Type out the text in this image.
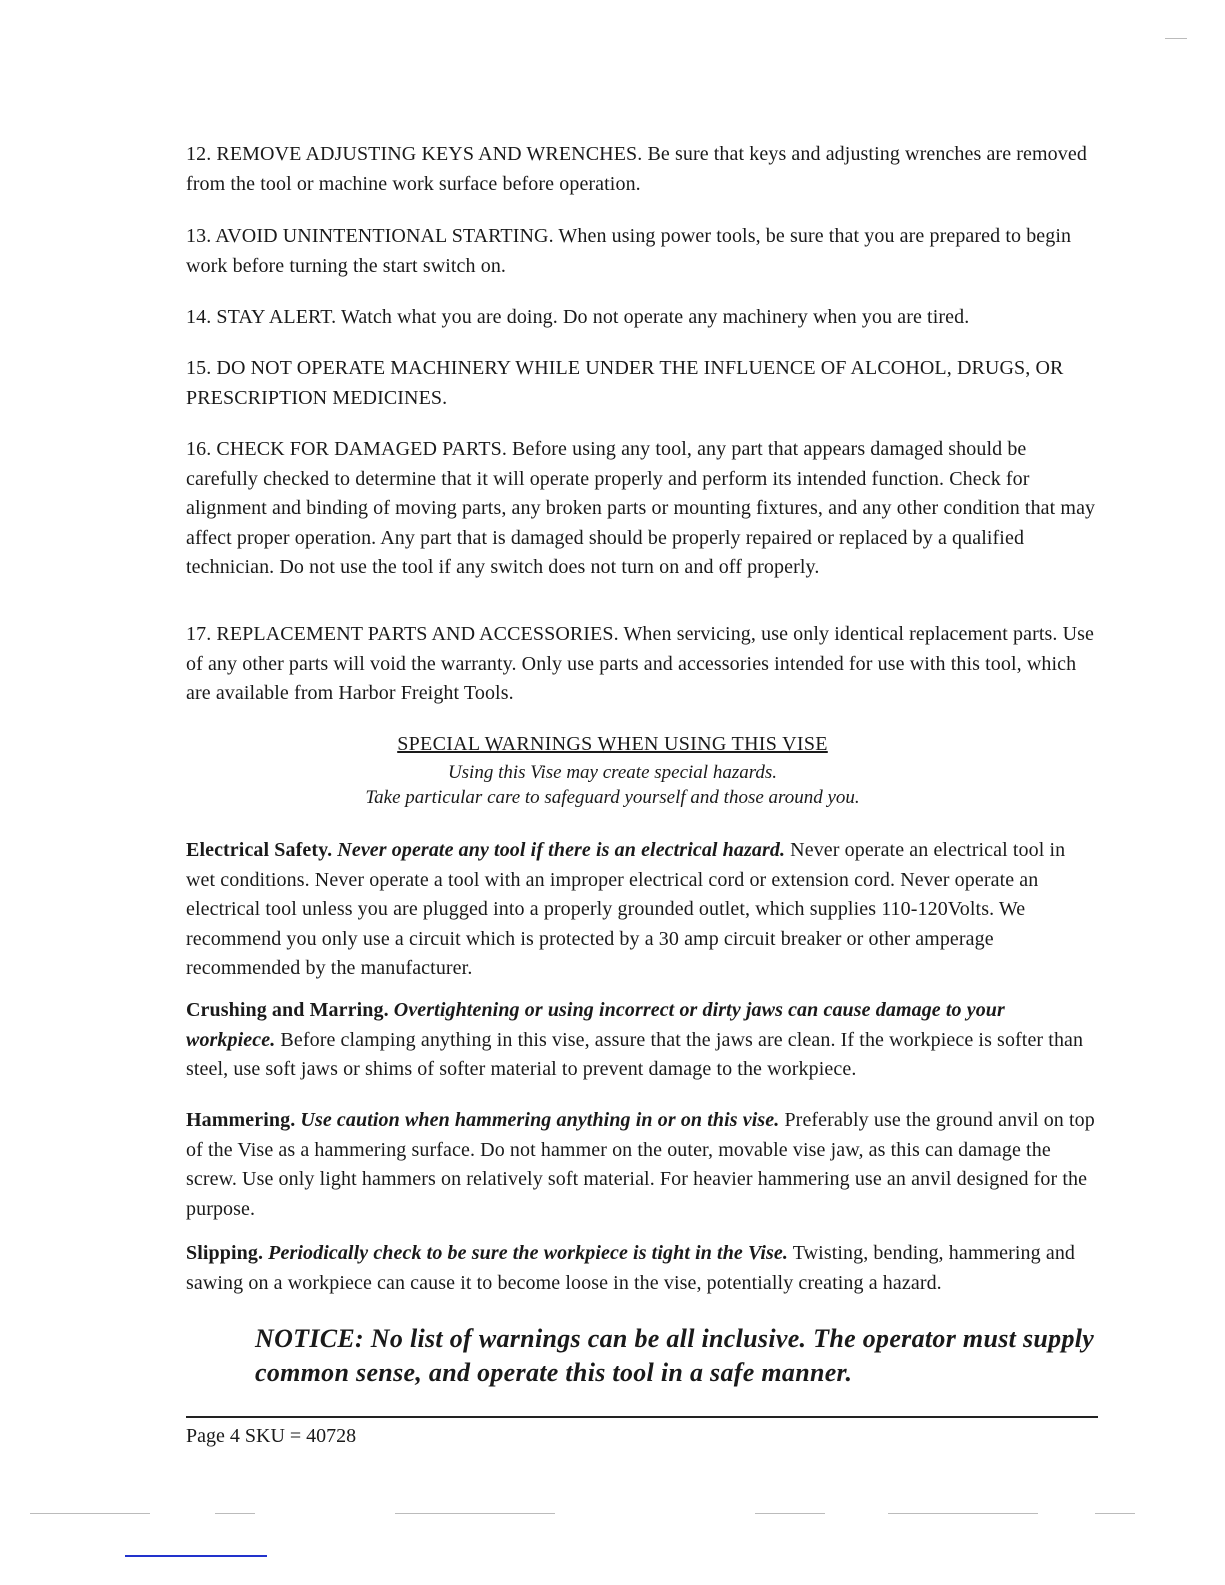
12. REMOVE ADJUSTING KEYS AND WRENCHES. Be sure that keys and adjusting wrenches are removed from the tool or machine work surface before operation.
13. AVOID UNINTENTIONAL STARTING. When using power tools, be sure that you are prepared to begin work before turning the start switch on.
14. STAY ALERT. Watch what you are doing. Do not operate any machinery when you are tired.
15. DO NOT OPERATE MACHINERY WHILE UNDER THE INFLUENCE OF ALCOHOL, DRUGS, OR PRESCRIPTION MEDICINES.
16. CHECK FOR DAMAGED PARTS. Before using any tool, any part that appears damaged should be carefully checked to determine that it will operate properly and perform its intended function. Check for alignment and binding of moving parts, any broken parts or mounting fixtures, and any other condition that may affect proper operation. Any part that is damaged should be properly repaired or replaced by a qualified technician. Do not use the tool if any switch does not turn on and off properly.
17. REPLACEMENT PARTS AND ACCESSORIES. When servicing, use only identical replacement parts. Use of any other parts will void the warranty. Only use parts and accessories intended for use with this tool, which are available from Harbor Freight Tools.
SPECIAL WARNINGS WHEN USING THIS VISE
Using this Vise may create special hazards.
Take particular care to safeguard yourself and those around you.
Electrical Safety. Never operate any tool if there is an electrical hazard. Never operate an electrical tool in wet conditions. Never operate a tool with an improper electrical cord or extension cord. Never operate an electrical tool unless you are plugged into a properly grounded outlet, which supplies 110-120Volts. We recommend you only use a circuit which is protected by a 30 amp circuit breaker or other amperage recommended by the manufacturer.
Crushing and Marring. Overtightening or using incorrect or dirty jaws can cause damage to your workpiece. Before clamping anything in this vise, assure that the jaws are clean. If the workpiece is softer than steel, use soft jaws or shims of softer material to prevent damage to the workpiece.
Hammering. Use caution when hammering anything in or on this vise. Preferably use the ground anvil on top of the Vise as a hammering surface. Do not hammer on the outer, movable vise jaw, as this can damage the screw. Use only light hammers on relatively soft material. For heavier hammering use an anvil designed for the purpose.
Slipping. Periodically check to be sure the workpiece is tight in the Vise. Twisting, bending, hammering and sawing on a workpiece can cause it to become loose in the vise, potentially creating a hazard.
NOTICE: No list of warnings can be all inclusive. The operator must supply common sense, and operate this tool in a safe manner.
Page 4 SKU = 40728
